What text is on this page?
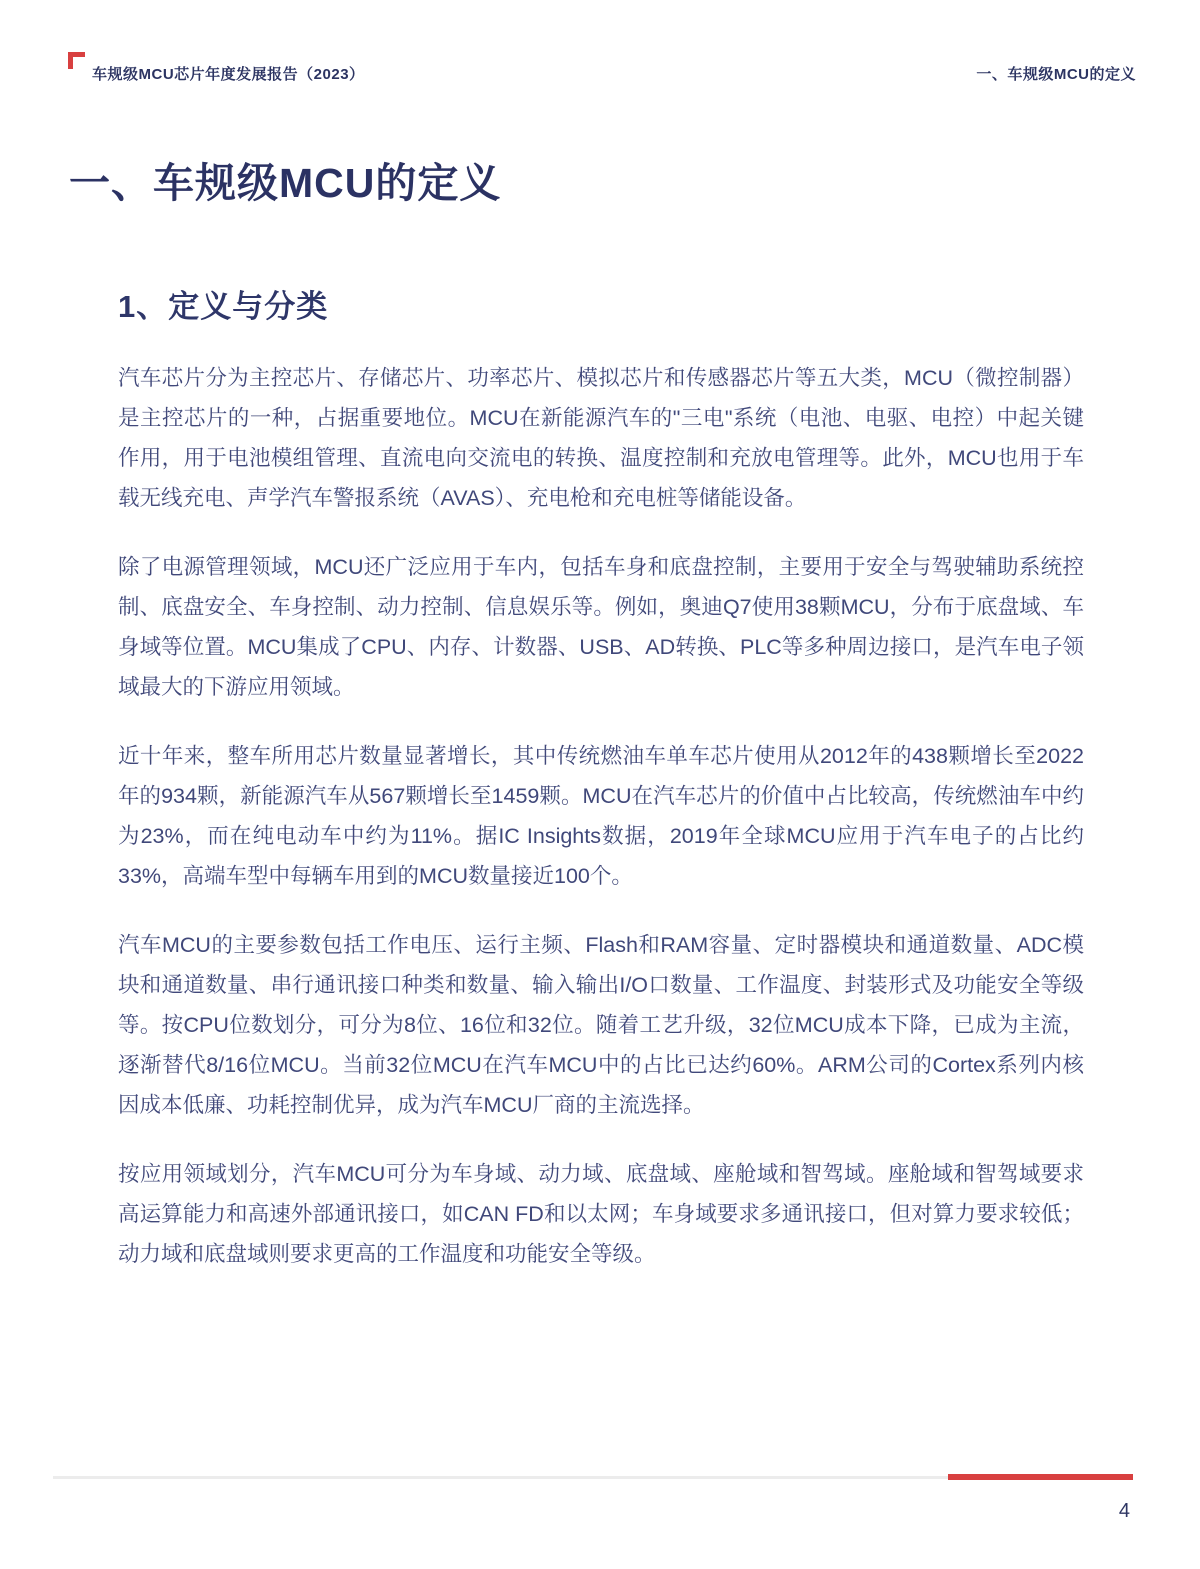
车规级MCU芯片年度发展报告（2023）	一、车规级MCU的定义
一、车规级MCU的定义
1、定义与分类

汽车芯片分为主控芯片、存储芯片、功率芯片、模拟芯片和传感器芯片等五大类，MCU（微控制器）是主控芯片的一种，占据重要地位。MCU在新能源汽车的"三电"系统（电池、电驱、电控）中起关键作用，用于电池模组管理、直流电向交流电的转换、温度控制和充放电管理等。此外，MCU也用于车载无线充电、声学汽车警报系统（AVAS）、充电枪和充电桩等储能设备。

除了电源管理领域，MCU还广泛应用于车内，包括车身和底盘控制，主要用于安全与驾驶辅助系统控制、底盘安全、车身控制、动力控制、信息娱乐等。例如，奥迪Q7使用38颗MCU，分布于底盘域、车身域等位置。MCU集成了CPU、内存、计数器、USB、AD转换、PLC等多种周边接口，是汽车电子领域最大的下游应用领域。

近十年来，整车所用芯片数量显著增长，其中传统燃油车单车芯片使用从2012年的438颗增长至2022年的934颗，新能源汽车从567颗增长至1459颗。MCU在汽车芯片的价值中占比较高，传统燃油车中约为23%，而在纯电动车中约为11%。据IC Insights数据，2019年全球MCU应用于汽车电子的占比约33%，高端车型中每辆车用到的MCU数量接近100个。

汽车MCU的主要参数包括工作电压、运行主频、Flash和RAM容量、定时器模块和通道数量、ADC模块和通道数量、串行通讯接口种类和数量、输入输出I/O口数量、工作温度、封装形式及功能安全等级等。按CPU位数划分，可分为8位、16位和32位。随着工艺升级，32位MCU成本下降，已成为主流，逐渐替代8/16位MCU。当前32位MCU在汽车MCU中的占比已达约60%。ARM公司的Cortex系列内核因成本低廉、功耗控制优异，成为汽车MCU厂商的主流选择。

按应用领域划分，汽车MCU可分为车身域、动力域、底盘域、座舱域和智驾域。座舱域和智驾域要求高运算能力和高速外部通讯接口，如CAN FD和以太网；车身域要求多通讯接口，但对算力要求较低；动力域和底盘域则要求更高的工作温度和功能安全等级。

4
